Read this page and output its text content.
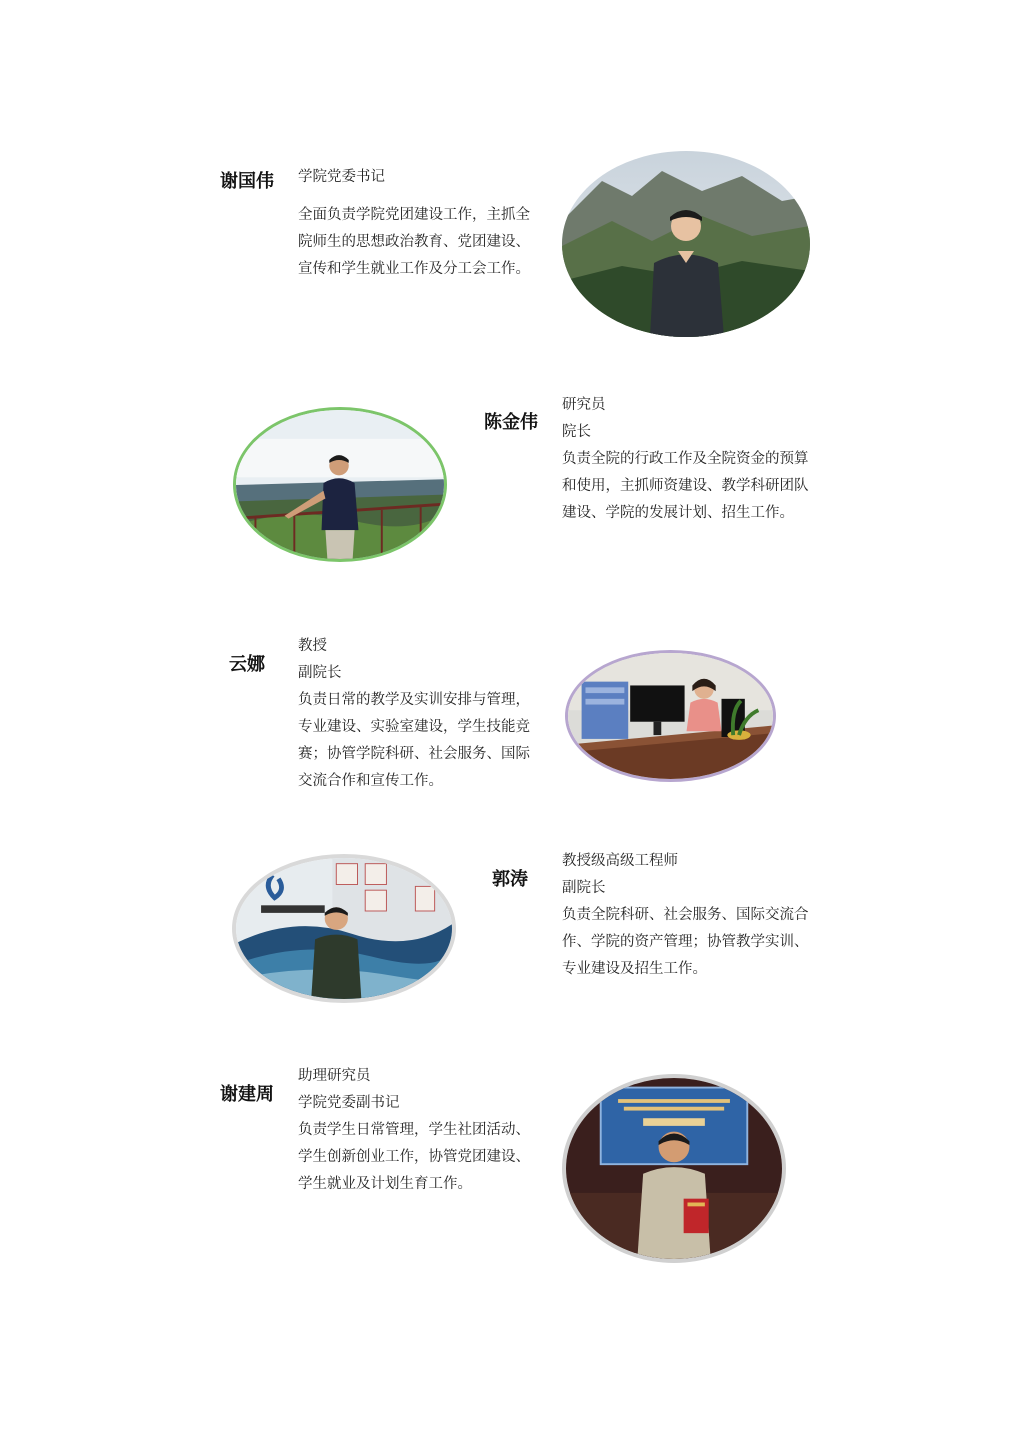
谢国伟 学院党委书记
全面负责学院党团建设工作，主抓全院师生的思想政治教育、党团建设、宣传和学生就业工作及分工会工作。
陈金伟
研究员
院长
负责全院的行政工作及全院资金的预算和使用，主抓师资建设、教学科研团队建设、学院的发展计划、招生工作。
云娜
教授
副院长
负责日常的教学及实训安排与管理，专业建设、实验室建设，学生技能竞赛；协管学院科研、社会服务、国际交流合作和宣传工作。
郭涛
教授级高级工程师
副院长
负责全院科研、社会服务、国际交流合作、学院的资产管理；协管教学实训、专业建设及招生工作。
谢建周
助理研究员
学院党委副书记
负责学生日常管理，学生社团活动、学生创新创业工作，协管党团建设、学生就业及计划生育工作。
